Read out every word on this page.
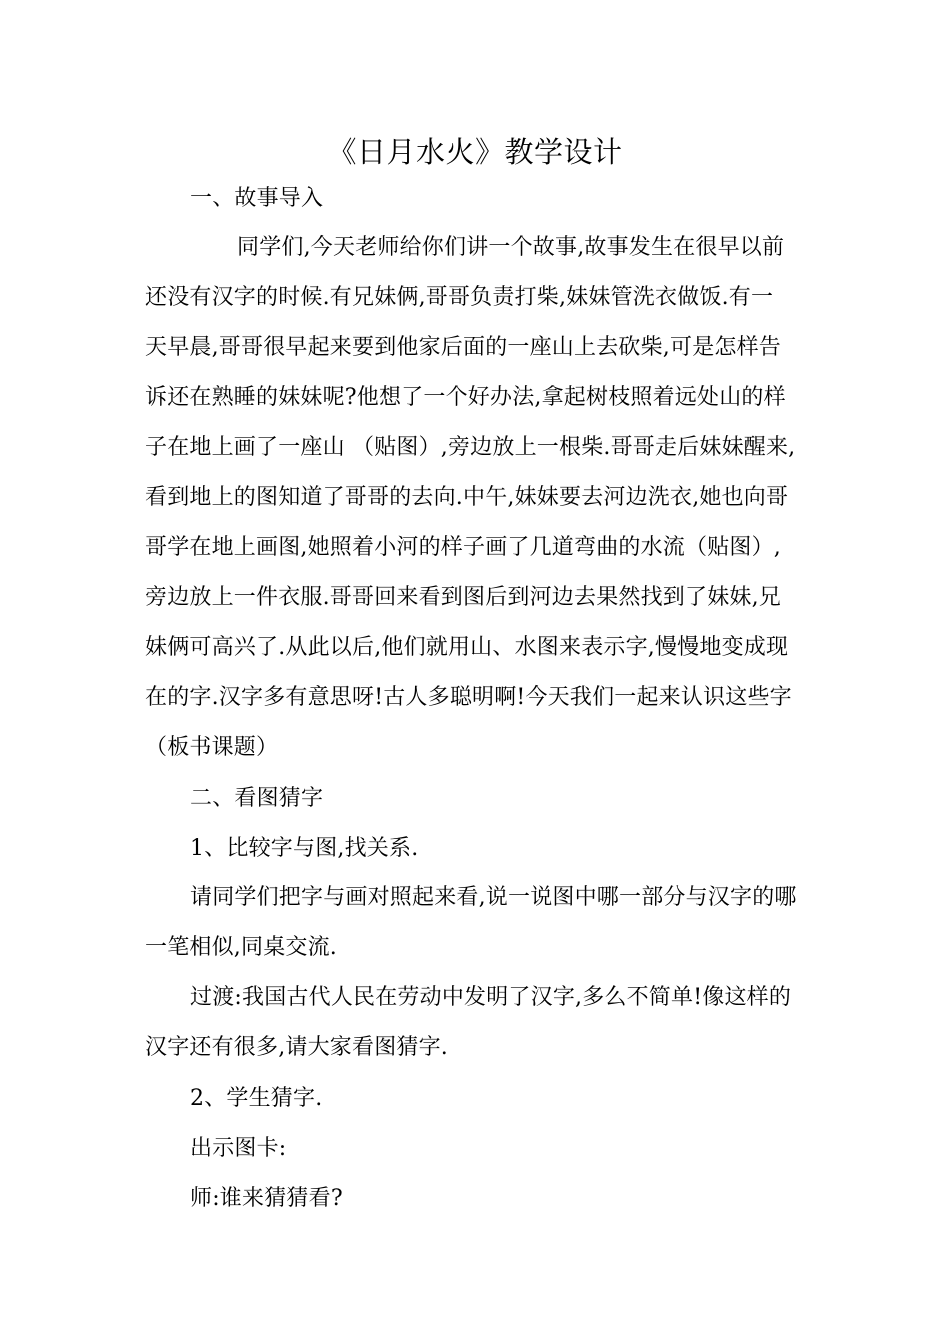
《日月水火》教学设计
一、故事导入
同学们,今天老师给你们讲一个故事,故事发生在很早以前
还没有汉字的时候.有兄妹俩,哥哥负责打柴,妹妹管洗衣做饭.有一
天早晨,哥哥很早起来要到他家后面的一座山上去砍柴,可是怎样告
诉还在熟睡的妹妹呢?他想了一个好办法,拿起树枝照着远处山的样
子在地上画了一座山 （贴图）,旁边放上一根柴.哥哥走后妹妹醒来,
看到地上的图知道了哥哥的去向.中午,妹妹要去河边洗衣,她也向哥
哥学在地上画图,她照着小河的样子画了几道弯曲的水流（贴图）,
旁边放上一件衣服.哥哥回来看到图后到河边去果然找到了妹妹,兄
妹俩可高兴了.从此以后,他们就用山、水图来表示字,慢慢地变成现
在的字.汉字多有意思呀!古人多聪明啊!今天我们一起来认识这些字
（板书课题）
二、看图猜字
1、比较字与图,找关系.
请同学们把字与画对照起来看,说一说图中哪一部分与汉字的哪
一笔相似,同桌交流.
过渡:我国古代人民在劳动中发明了汉字,多么不简单!像这样的
汉字还有很多,请大家看图猜字.
2、学生猜字.
出示图卡:
师:谁来猜猜看?
